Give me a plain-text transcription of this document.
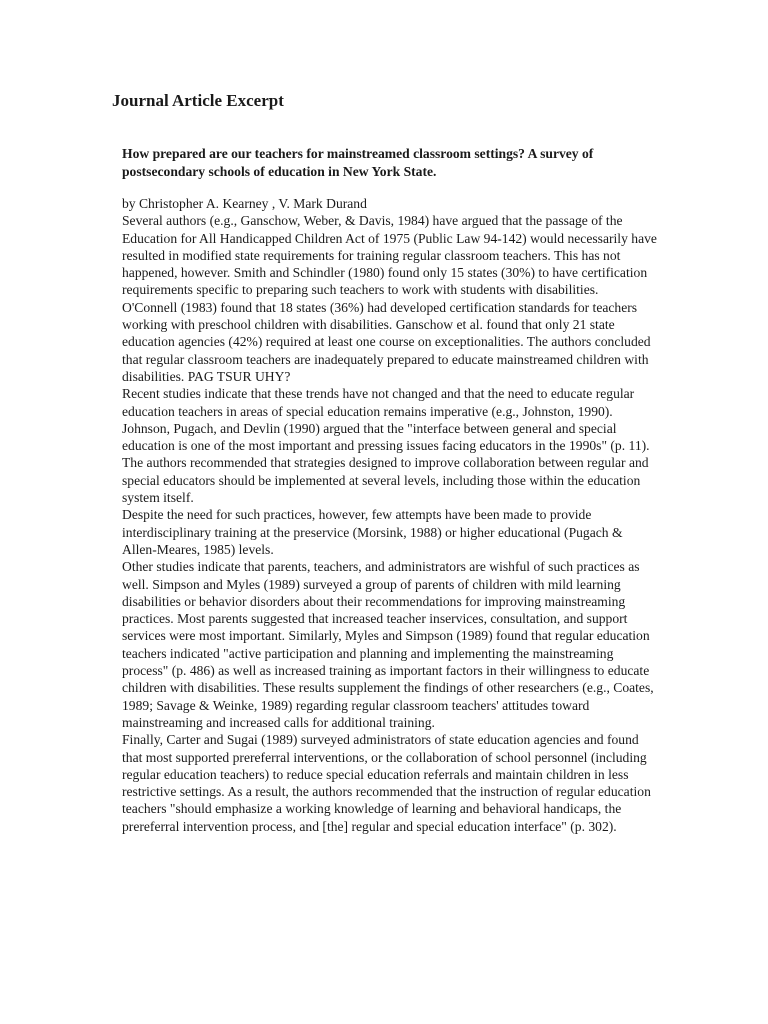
Journal Article Excerpt

How prepared are our teachers for mainstreamed classroom settings? A survey of postsecondary schools of education in New York State.

by Christopher A. Kearney , V. Mark Durand

Several authors (e.g., Ganschow, Weber, & Davis, 1984) have argued that the passage of the Education for All Handicapped Children Act of 1975 (Public Law 94-142) would necessarily have resulted in modified state requirements for training regular classroom teachers. This has not happened, however. Smith and Schindler (1980) found only 15 states (30%) to have certification requirements specific to preparing such teachers to work with students with disabilities. O'Connell (1983) found that 18 states (36%) had developed certification standards for teachers working with preschool children with disabilities. Ganschow et al. found that only 21 state education agencies (42%) required at least one course on exceptionalities. The authors concluded that regular classroom teachers are inadequately prepared to educate mainstreamed children with disabilities. PAG TSUR UHY?

Recent studies indicate that these trends have not changed and that the need to educate regular education teachers in areas of special education remains imperative (e.g., Johnston, 1990). Johnson, Pugach, and Devlin (1990) argued that the "interface between general and special education is one of the most important and pressing issues facing educators in the 1990s" (p. 11). The authors recommended that strategies designed to improve collaboration between regular and special educators should be implemented at several levels, including those within the education system itself.

Despite the need for such practices, however, few attempts have been made to provide interdisciplinary training at the preservice (Morsink, 1988) or higher educational (Pugach & Allen-Meares, 1985) levels.

Other studies indicate that parents, teachers, and administrators are wishful of such practices as well. Simpson and Myles (1989) surveyed a group of parents of children with mild learning disabilities or behavior disorders about their recommendations for improving mainstreaming practices. Most parents suggested that increased teacher inservices, consultation, and support services were most important. Similarly, Myles and Simpson (1989) found that regular education teachers indicated "active participation and planning and implementing the mainstreaming process" (p. 486) as well as increased training as important factors in their willingness to educate children with disabilities. These results supplement the findings of other researchers (e.g., Coates, 1989; Savage & Weinke, 1989) regarding regular classroom teachers' attitudes toward mainstreaming and increased calls for additional training.

Finally, Carter and Sugai (1989) surveyed administrators of state education agencies and found that most supported prereferral interventions, or the collaboration of school personnel (including regular education teachers) to reduce special education referrals and maintain children in less restrictive settings. As a result, the authors recommended that the instruction of regular education teachers "should emphasize a working knowledge of learning and behavioral handicaps, the prereferral intervention process, and [the] regular and special education interface" (p. 302).
